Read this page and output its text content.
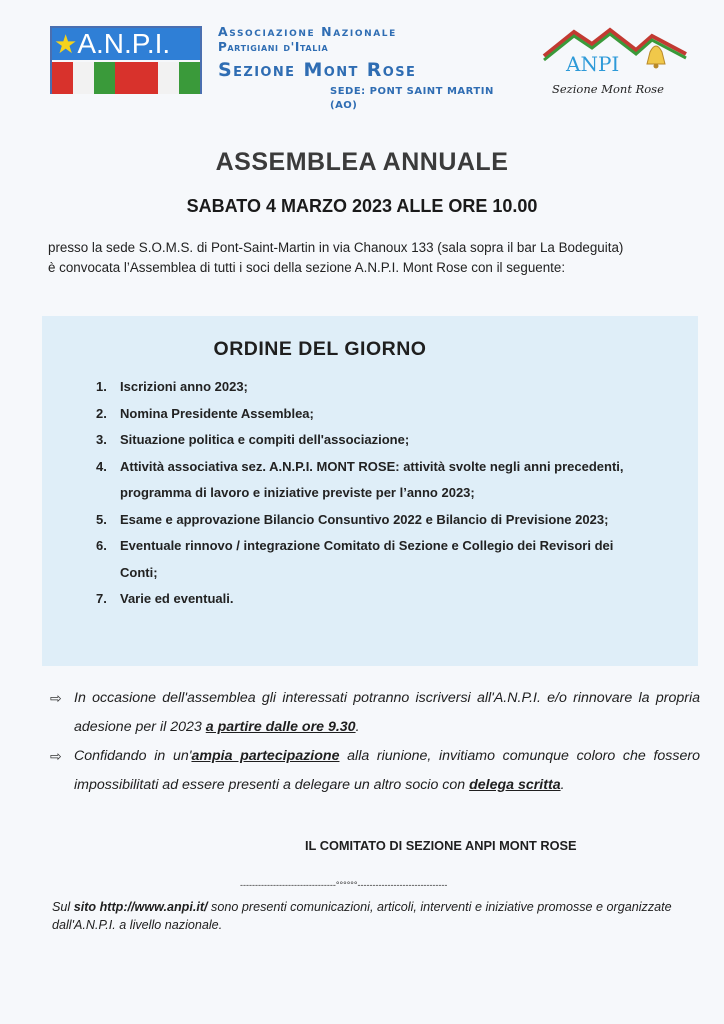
★A.N.P.I.	Associazione Nazionale
Partigiani d'Italia
Sezione Mont Rose
SEDE: PONT SAINT MARTIN (AO)
ANPI
Sezione Mont Rose
ASSEMBLEA ANNUALE
SABATO 4 MARZO 2023 ALLE ORE 10.00
presso la sede S.O.M.S. di Pont-Saint-Martin in via Chanoux 133 (sala sopra il bar La Bodeguita)
è convocata l’Assemblea di tutti i soci della sezione A.N.P.I. Mont Rose con il seguente:
ORDINE DEL GIORNO
1.	Iscrizioni anno 2023;
2.	Nomina Presidente Assemblea;
3.	Situazione politica e compiti dell'associazione;
4.	Attività associativa sez. A.N.P.I. MONT ROSE: attività svolte negli anni precedenti, programma di lavoro e iniziative previste per l’anno 2023;
5.	Esame e approvazione Bilancio Consuntivo 2022 e Bilancio di Previsione 2023;
6.	Eventuale rinnovo / integrazione Comitato di Sezione e Collegio dei Revisori dei Conti;
7.	Varie ed eventuali.
⇨ In occasione dell'assemblea gli interessati potranno iscriversi all'A.N.P.I. e/o rinnovare la propria adesione per il 2023 a partire dalle ore 9.30.
⇨ Confidando in un'ampia partecipazione alla riunione, invitiamo comunque coloro che fossero impossibilitati ad essere presenti a delegare un altro socio con delega scritta.
IL COMITATO DI SEZIONE ANPI MONT ROSE
--------------------------------°°°°°°------------------------------
Sul sito http://www.anpi.it/ sono presenti comunicazioni, articoli, interventi e iniziative promosse e organizzate dall'A.N.P.I. a livello nazionale.
